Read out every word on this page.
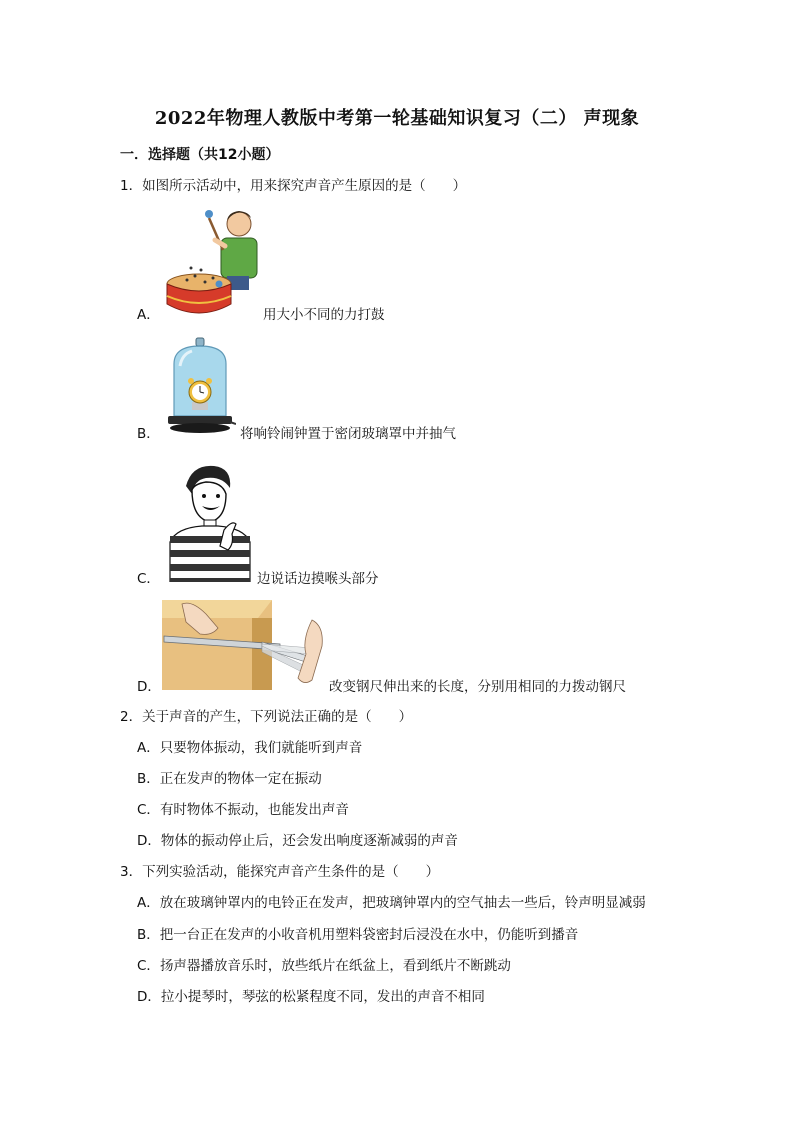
2022年物理人教版中考第一轮基础知识复习（二） 声现象
一．选择题（共12小题）
1．如图所示活动中，用来探究声音产生原因的是（　　）
A．	用大小不同的力打鼓
B．	将响铃闹钟置于密闭玻璃罩中并抽气
C．	边说话边摸喉头部分
D．	改变钢尺伸出来的长度，分别用相同的力拨动钢尺
2．关于声音的产生，下列说法正确的是（　　）
A．只要物体振动，我们就能听到声音
B．正在发声的物体一定在振动
C．有时物体不振动，也能发出声音
D．物体的振动停止后，还会发出响度逐渐减弱的声音
3．下列实验活动，能探究声音产生条件的是（　　）
A．放在玻璃钟罩内的电铃正在发声，把玻璃钟罩内的空气抽去一些后，铃声明显减弱
B．把一台正在发声的小收音机用塑料袋密封后浸没在水中，仍能听到播音
C．扬声器播放音乐时，放些纸片在纸盆上，看到纸片不断跳动
D．拉小提琴时，琴弦的松紧程度不同，发出的声音不相同
